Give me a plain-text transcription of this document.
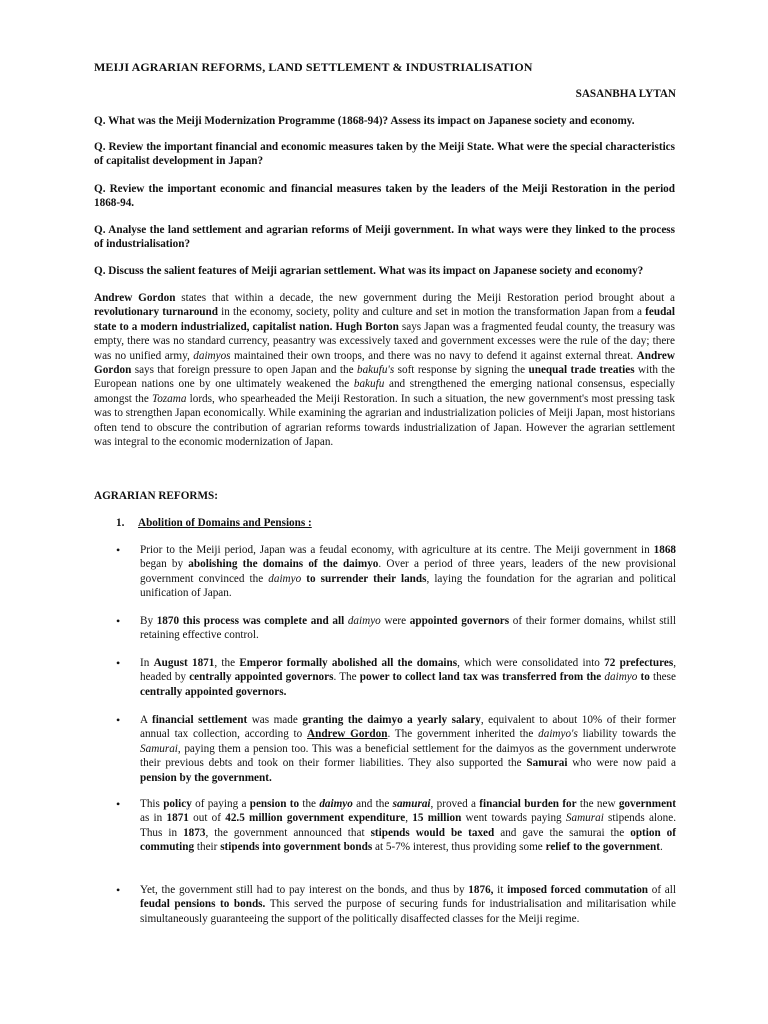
MEIJI AGRARIAN REFORMS, LAND SETTLEMENT & INDUSTRIALISATION
SASANBHA LYTAN
Q. What was the Meiji Modernization Programme (1868-94)? Assess its impact on Japanese society and economy.
Q. Review the important financial and economic measures taken by the Meiji State. What were the special characteristics of capitalist development in Japan?
Q. Review the important economic and financial measures taken by the leaders of the Meiji Restoration in the period 1868-94.
Q. Analyse the land settlement and agrarian reforms of Meiji government. In what ways were they linked to the process of industrialisation?
Q. Discuss the salient features of Meiji agrarian settlement. What was its impact on Japanese society and economy?
Andrew Gordon states that within a decade, the new government during the Meiji Restoration period brought about a revolutionary turnaround in the economy, society, polity and culture and set in motion the transformation Japan from a feudal state to a modern industrialized, capitalist nation. Hugh Borton says Japan was a fragmented feudal county, the treasury was empty, there was no standard currency, peasantry was excessively taxed and government excesses were the rule of the day; there was no unified army, daimyos maintained their own troops, and there was no navy to defend it against external threat. Andrew Gordon says that foreign pressure to open Japan and the bakufu's soft response by signing the unequal trade treaties with the European nations one by one ultimately weakened the bakufu and strengthened the emerging national consensus, especially amongst the Tozama lords, who spearheaded the Meiji Restoration. In such a situation, the new government's most pressing task was to strengthen Japan economically. While examining the agrarian and industrialization policies of Meiji Japan, most historians often tend to obscure the contribution of agrarian reforms towards industrialization of Japan. However the agrarian settlement was integral to the economic modernization of Japan.
AGRARIAN REFORMS:
1. Abolition of Domains and Pensions :
•	Prior to the Meiji period, Japan was a feudal economy, with agriculture at its centre. The Meiji government in 1868 began by abolishing the domains of the daimyo. Over a period of three years, leaders of the new provisional government convinced the daimyo to surrender their lands, laying the foundation for the agrarian and political unification of Japan.
•	By 1870 this process was complete and all daimyo were appointed governors of their former domains, whilst still retaining effective control.
•	In August 1871, the Emperor formally abolished all the domains, which were consolidated into 72 prefectures, headed by centrally appointed governors. The power to collect land tax was transferred from the daimyo to these centrally appointed governors.
•	A financial settlement was made granting the daimyo a yearly salary, equivalent to about 10% of their former annual tax collection, according to Andrew Gordon. The government inherited the daimyo's liability towards the Samurai, paying them a pension too. This was a beneficial settlement for the daimyos as the government underwrote their previous debts and took on their former liabilities. They also supported the Samurai who were now paid a pension by the government.
•	This policy of paying a pension to the daimyo and the samurai, proved a financial burden for the new government as in 1871 out of 42.5 million government expenditure, 15 million went towards paying Samurai stipends alone. Thus in 1873, the government announced that stipends would be taxed and gave the samurai the option of commuting their stipends into government bonds at 5-7% interest, thus providing some relief to the government.
•	Yet, the government still had to pay interest on the bonds, and thus by 1876, it imposed forced commutation of all feudal pensions to bonds. This served the purpose of securing funds for industrialisation and militarisation while simultaneously guaranteeing the support of the politically disaffected classes for the Meiji regime.
